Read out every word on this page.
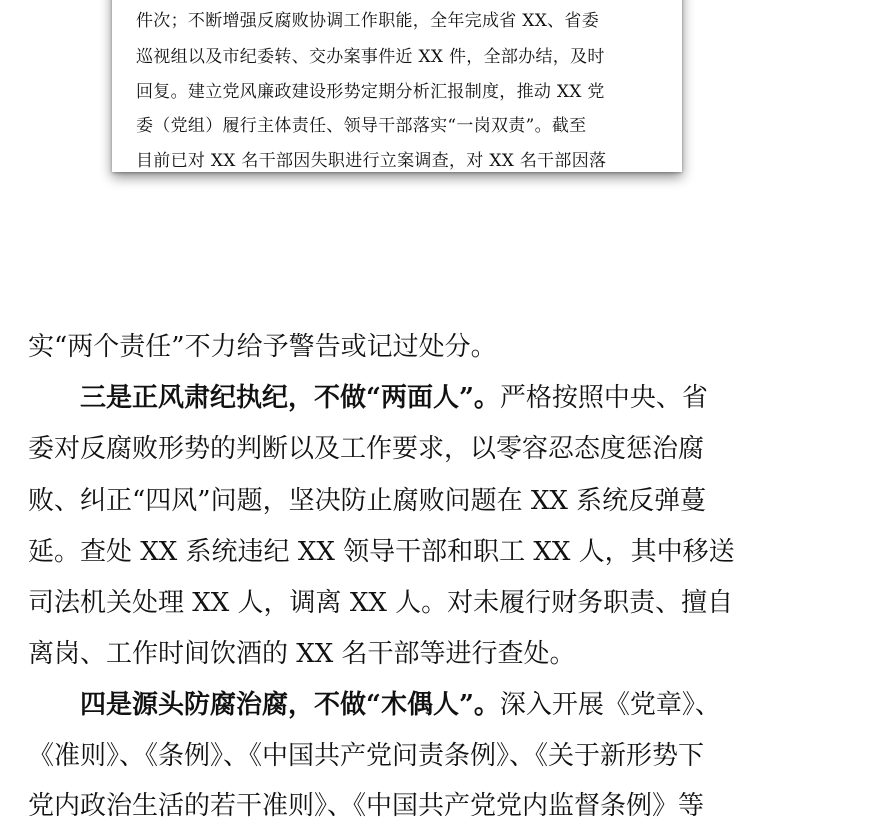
件次；不断增强反腐败协调工作职能，全年完成省 XX、省委
巡视组以及市纪委转、交办案事件近 XX 件，全部办结，及时
回复。建立党风廉政建设形势定期分析汇报制度，推动 XX 党
委（党组）履行主体责任、领导干部落实“一岗双责”。截至
目前已对 XX 名干部因失职进行立案调查，对 XX 名干部因落
实“两个责任”不力给予警告或记过处分。
三是正风肃纪执纪，不做“两面人”。严格按照中央、省
委对反腐败形势的判断以及工作要求，以零容忍态度惩治腐
败、纠正“四风”问题，坚决防止腐败问题在 XX 系统反弹蔓
延。查处 XX 系统违纪 XX 领导干部和职工 XX 人，其中移送
司法机关处理 XX 人，调离 XX 人。对未履行财务职责、擅自
离岗、工作时间饮酒的 XX 名干部等进行查处。
四是源头防腐治腐，不做“木偶人”。深入开展《党章》、
《准则》、《条例》、《中国共产党问责条例》、《关于新形势下
党内政治生活的若干准则》、《中国共产党党内监督条例》等
